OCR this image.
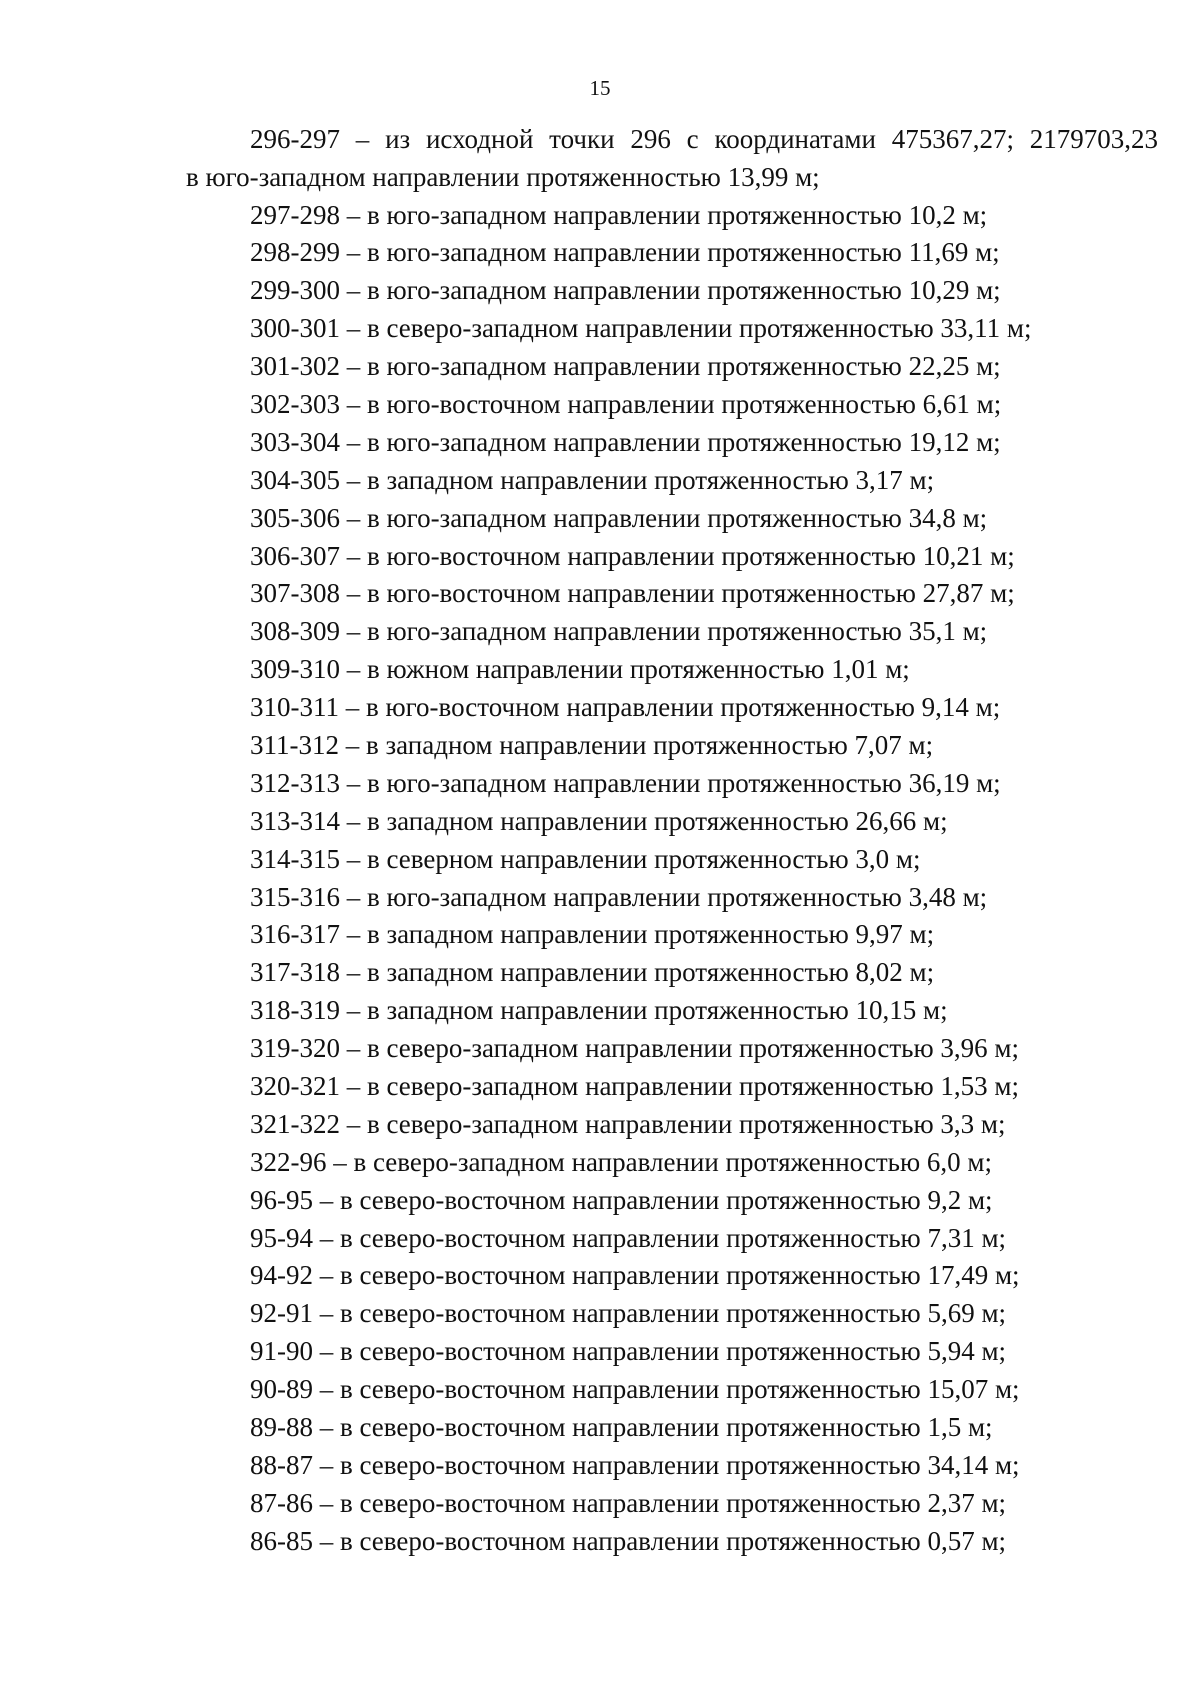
15
296-297 – из исходной точки 296 с координатами 475367,27; 2179703,23
в юго-западном направлении протяженностью 13,99 м;
297-298 – в юго-западном направлении протяженностью 10,2 м;
298-299 – в юго-западном направлении протяженностью 11,69 м;
299-300 – в юго-западном направлении протяженностью 10,29 м;
300-301 – в северо-западном направлении протяженностью 33,11 м;
301-302 – в юго-западном направлении протяженностью 22,25 м;
302-303 – в юго-восточном направлении протяженностью 6,61 м;
303-304 – в юго-западном направлении протяженностью 19,12 м;
304-305 – в западном направлении протяженностью 3,17 м;
305-306 – в юго-западном направлении протяженностью 34,8 м;
306-307 – в юго-восточном направлении протяженностью 10,21 м;
307-308 – в юго-восточном направлении протяженностью 27,87 м;
308-309 – в юго-западном направлении протяженностью 35,1 м;
309-310 – в южном направлении протяженностью 1,01 м;
310-311 – в юго-восточном направлении протяженностью 9,14 м;
311-312 – в западном направлении протяженностью 7,07 м;
312-313 – в юго-западном направлении протяженностью 36,19 м;
313-314 – в западном направлении протяженностью 26,66 м;
314-315 – в северном направлении протяженностью 3,0 м;
315-316 – в юго-западном направлении протяженностью 3,48 м;
316-317 – в западном направлении протяженностью 9,97 м;
317-318 – в западном направлении протяженностью 8,02 м;
318-319 – в западном направлении протяженностью 10,15 м;
319-320 – в северо-западном направлении протяженностью 3,96 м;
320-321 – в северо-западном направлении протяженностью 1,53 м;
321-322 – в северо-западном направлении протяженностью 3,3 м;
322-96 – в северо-западном направлении протяженностью 6,0 м;
96-95 – в северо-восточном направлении протяженностью 9,2 м;
95-94 – в северо-восточном направлении протяженностью 7,31 м;
94-92 – в северо-восточном направлении протяженностью 17,49 м;
92-91 – в северо-восточном направлении протяженностью 5,69 м;
91-90 – в северо-восточном направлении протяженностью 5,94 м;
90-89 – в северо-восточном направлении протяженностью 15,07 м;
89-88 – в северо-восточном направлении протяженностью 1,5 м;
88-87 – в северо-восточном направлении протяженностью 34,14 м;
87-86 – в северо-восточном направлении протяженностью 2,37 м;
86-85 – в северо-восточном направлении протяженностью 0,57 м;
